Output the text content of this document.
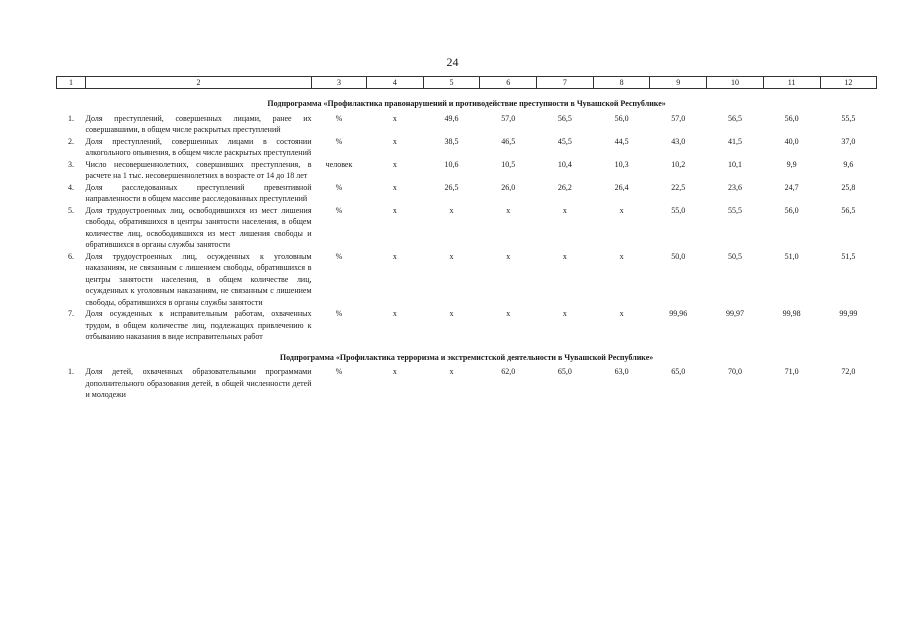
24
1	2	3	4	5	6	7	8	9	10	11	12
Подпрограмма «Профилактика правонарушений и противодействие преступности в Чувашской Республике»											
1.	Доля преступлений, совершенных лицами, ранее их совершавшими, в общем числе раскрытых преступлений	%	x	49,6	57,0	56,5	56,0	57,0	56,5	56,0	55,5
2.	Доля преступлений, совершенных лицами в состоянии алкогольного опьянения, в общем числе раскрытых преступлений	%	x	38,5	46,5	45,5	44,5	43,0	41,5	40,0	37,0
3.	Число несовершеннолетних, совершивших преступления, в расчете на 1 тыс. несовершеннолетних в возрасте от 14 до 18 лет	человек	x	10,6	10,5	10,4	10,3	10,2	10,1	9,9	9,6
4.	Доля расследованных преступлений превентивной направленности в общем массиве расследованных преступлений	%	x	26,5	26,0	26,2	26,4	22,5	23,6	24,7	25,8
5.	Доля трудоустроенных лиц, освободившихся из мест лишения свободы, обратившихся в центры занятости населения, в общем количестве лиц, освободившихся из мест лишения свободы и обратившихся в органы службы занятости	%	x	x	x	x	x	55,0	55,5	56,0	56,5
6.	Доля трудоустроенных лиц, осужденных к уголовным наказаниям, не связанным с лишением свободы, обратившихся в центры занятости населения, в общем количестве лиц, осужденных к уголовным наказаниям, не связанным с лишением свободы, обратившихся в органы службы занятости	%	x	x	x	x	x	50,0	50,5	51,0	51,5
7.	Доля осужденных к исправительным работам, охваченных трудом, в общем количестве лиц, подлежащих привлечению к отбыванию наказания в виде исправительных работ	%	x	x	x	x	x	99,96	99,97	99,98	99,99
Подпрограмма «Профилактика терроризма и экстремистской деятельности в Чувашской Республике»											
1.	Доля детей, охваченных образовательными программами дополнительного образования детей, в общей численности детей и молодежи	%	x	x	62,0	65,0	63,0	65,0	70,0	71,0	72,0
